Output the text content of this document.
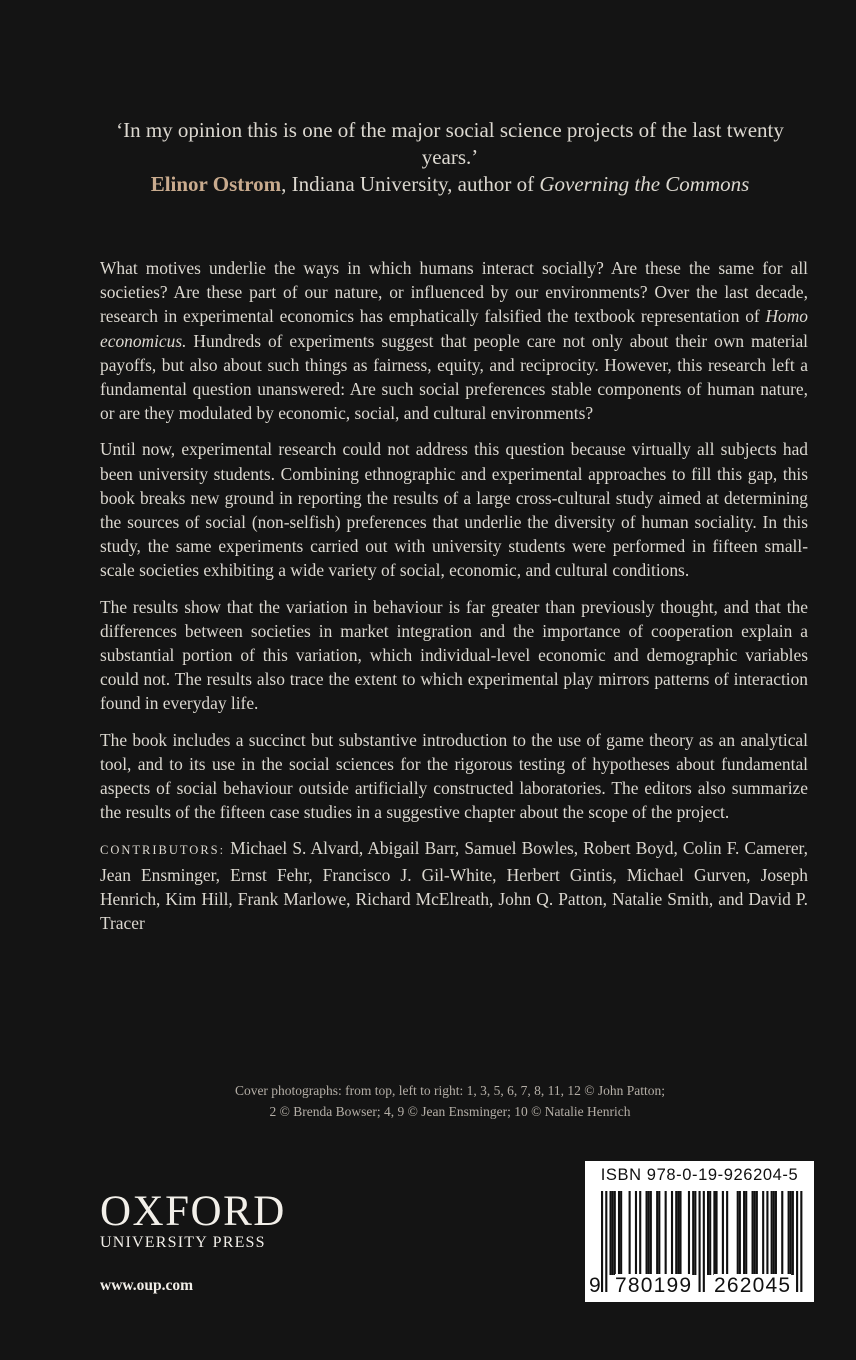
‘In my opinion this is one of the major social science projects of the last twenty years.’
Elinor Ostrom, Indiana University, author of Governing the Commons

What motives underlie the ways in which humans interact socially? Are these the same for all societies? Are these part of our nature, or influenced by our environments? Over the last decade, research in experimental economics has emphatically falsified the textbook representation of Homo economicus. Hundreds of experiments suggest that people care not only about their own material payoffs, but also about such things as fairness, equity, and reciprocity. However, this research left a fundamental question unanswered: Are such social preferences stable components of human nature, or are they modulated by economic, social, and cultural environments?

Until now, experimental research could not address this question because virtually all subjects had been university students. Combining ethnographic and experimental approaches to fill this gap, this book breaks new ground in reporting the results of a large cross-cultural study aimed at determining the sources of social (non-selfish) preferences that underlie the diversity of human sociality. In this study, the same experiments carried out with university students were performed in fifteen small-scale societies exhibiting a wide variety of social, economic, and cultural conditions.

The results show that the variation in behaviour is far greater than previously thought, and that the differences between societies in market integration and the importance of cooperation explain a substantial portion of this variation, which individual-level economic and demographic variables could not. The results also trace the extent to which experimental play mirrors patterns of interaction found in everyday life.

The book includes a succinct but substantive introduction to the use of game theory as an analytical tool, and to its use in the social sciences for the rigorous testing of hypotheses about fundamental aspects of social behaviour outside artificially constructed laboratories. The editors also summarize the results of the fifteen case studies in a suggestive chapter about the scope of the project.

CONTRIBUTORS: Michael S. Alvard, Abigail Barr, Samuel Bowles, Robert Boyd, Colin F. Camerer, Jean Ensminger, Ernst Fehr, Francisco J. Gil-White, Herbert Gintis, Michael Gurven, Joseph Henrich, Kim Hill, Frank Marlowe, Richard McElreath, John Q. Patton, Natalie Smith, and David P. Tracer

Cover photographs: from top, left to right: 1, 3, 5, 6, 7, 8, 11, 12 © John Patton;
2 © Brenda Bowser; 4, 9 © Jean Ensminger; 10 © Natalie Henrich
OXFORD
UNIVERSITY PRESS
www.oup.com
ISBN 978-0-19-926204-5
9 780199 262045
